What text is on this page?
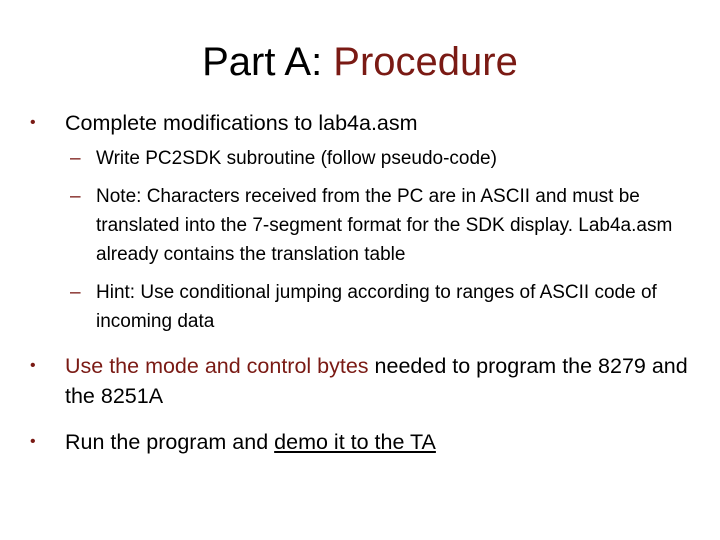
Part A: Procedure
•	Complete modifications to lab4a.asm
– Write PC2SDK subroutine (follow pseudo-code)
– Note: Characters received from the PC are in ASCII and must be translated into the 7-segment format for the SDK display. Lab4a.asm already contains the translation table
– Hint: Use conditional jumping according to ranges of ASCII code of incoming data
•	Use the mode and control bytes needed to program the 8279 and the 8251A
•	Run the program and demo it to the TA
